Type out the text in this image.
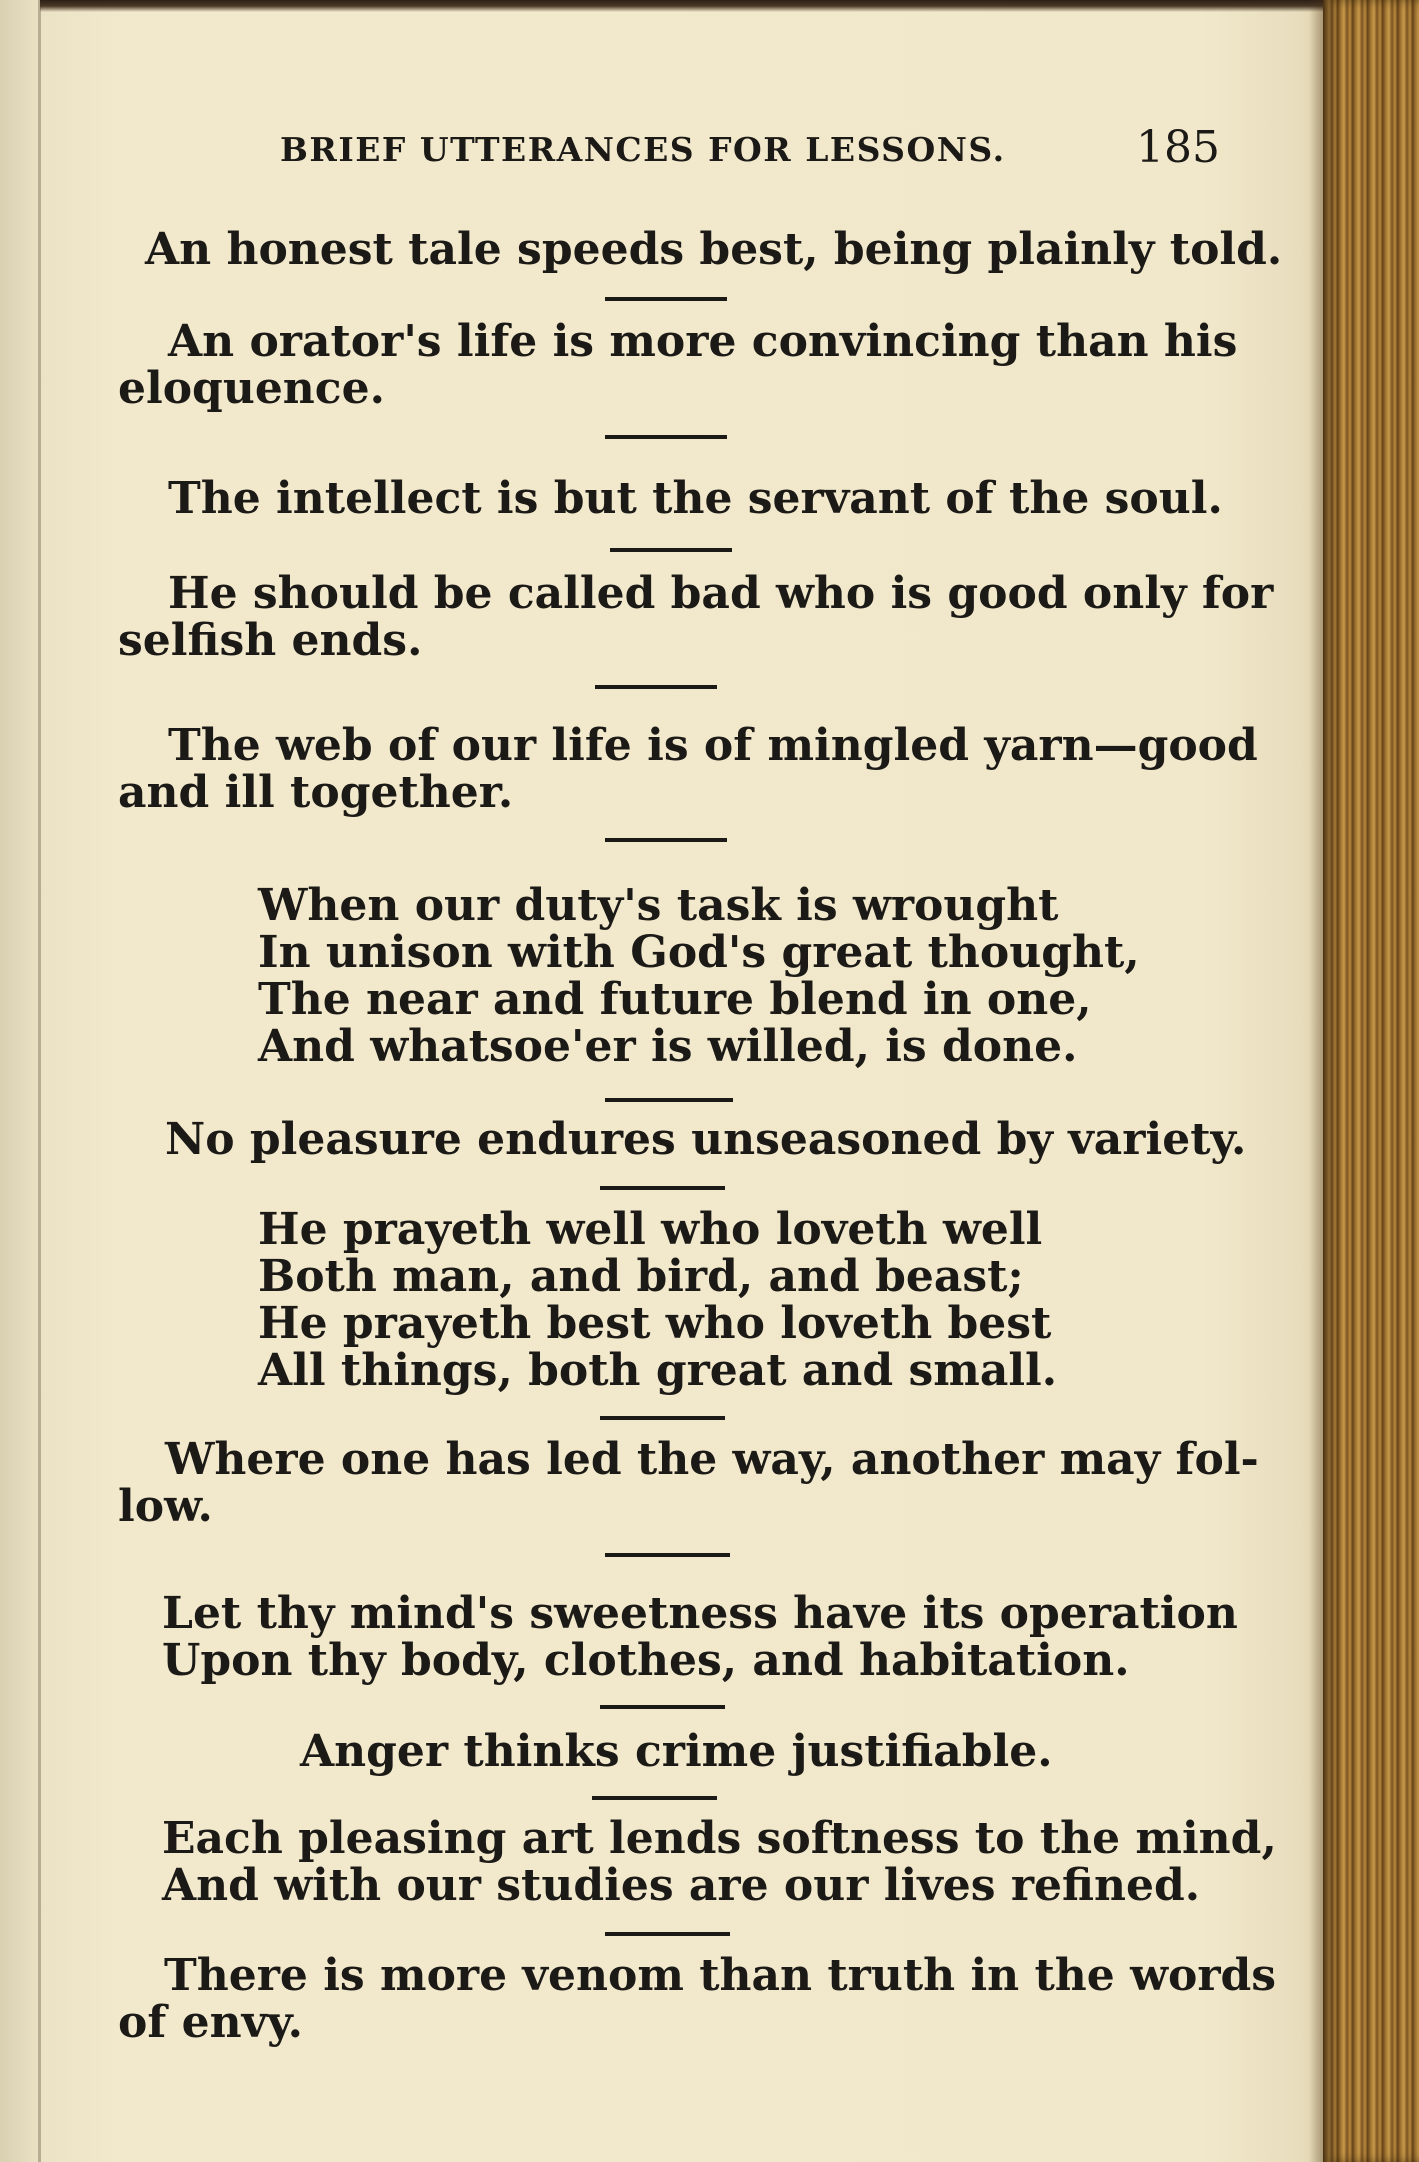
BRIEF UTTERANCES FOR LESSONS.	185
An honest tale speeds best, being plainly told.
An orator's life is more convincing than his
eloquence.
The intellect is but the servant of the soul.
He should be called bad who is good only for
selfish ends.
The web of our life is of mingled yarn—good
and ill together.
When our duty's task is wrought
In unison with God's great thought,
The near and future blend in one,
And whatsoe'er is willed, is done.
No pleasure endures unseasoned by variety.
He prayeth well who loveth well
Both man, and bird, and beast;
He prayeth best who loveth best
All things, both great and small.
Where one has led the way, another may fol-
low.
Let thy mind's sweetness have its operation
Upon thy body, clothes, and habitation.
Anger thinks crime justifiable.
Each pleasing art lends softness to the mind,
And with our studies are our lives refined.
There is more venom than truth in the words
of envy.
